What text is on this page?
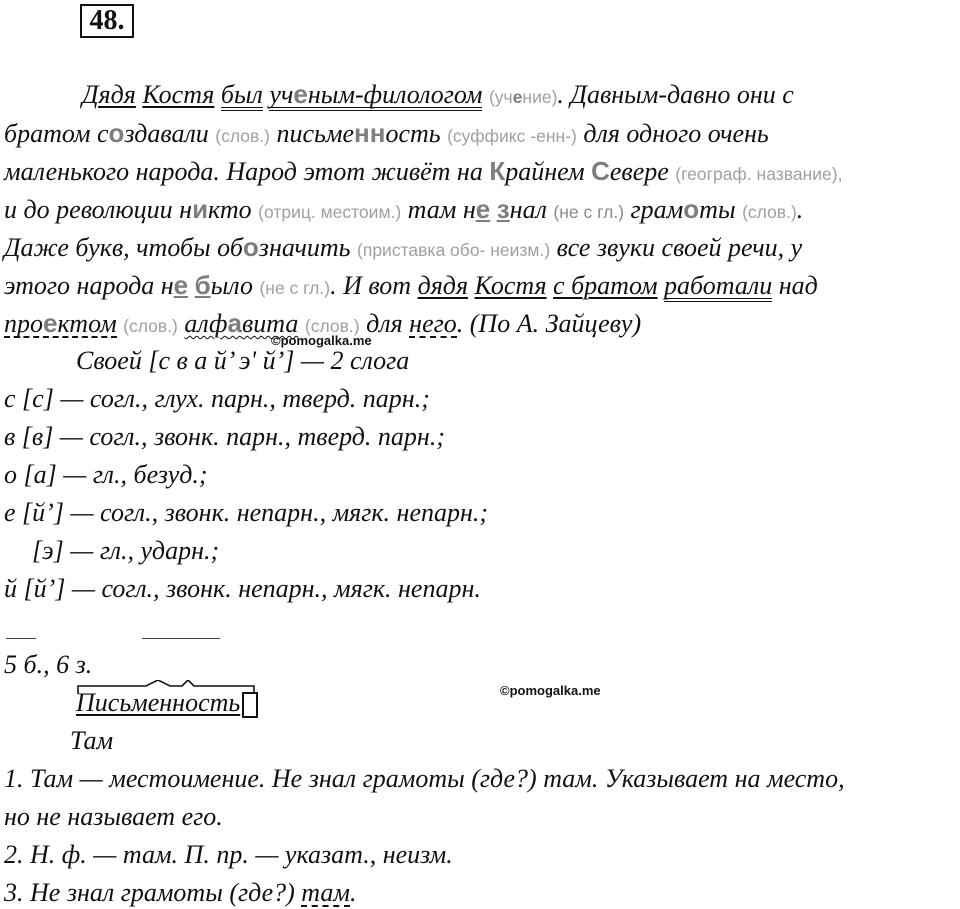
48.
Дядя Костя был ученым-филологом (учение). Давным-давно они с
братом создавали (слов.) письменность (суффикс -енн-) для одного очень
маленького народа. Народ этот живёт на Крайнем Севере (географ. название),
и до революции никто (отриц. местоим.) там не знал (не с гл.) грамоты (слов.).
Даже букв, чтобы обозначить (приставка обо- неизм.) все звуки своей речи, у
этого народа не было (не с гл.). И вот дядя Костя с братом работали над
проектом (слов.) алфавита (слов.) для него. (По А. Зайцеву)
©pomogalka.me
Своей [с в а й’ э' й’] — 2 слога
с [с] — согл., глух. парн., тверд. парн.;
в [в] — согл., звонк. парн., тверд. парн.;
о [а] — гл., безуд.;
е [й’] — согл., звонк. непарн., мягк. непарн.;
[э] — гл., ударн.;
й [й’] — согл., звонк. непарн., мягк. непарн.
5 б., 6 з.
Письменность	©pomogalka.me
Там
1. Там — местоимение. Не знал грамоты (где?) там. Указывает на место,
но не называет его.
2. Н. ф. — там. П. пр. — указат., неизм.
3. Не знал грамоты (где?) там.
